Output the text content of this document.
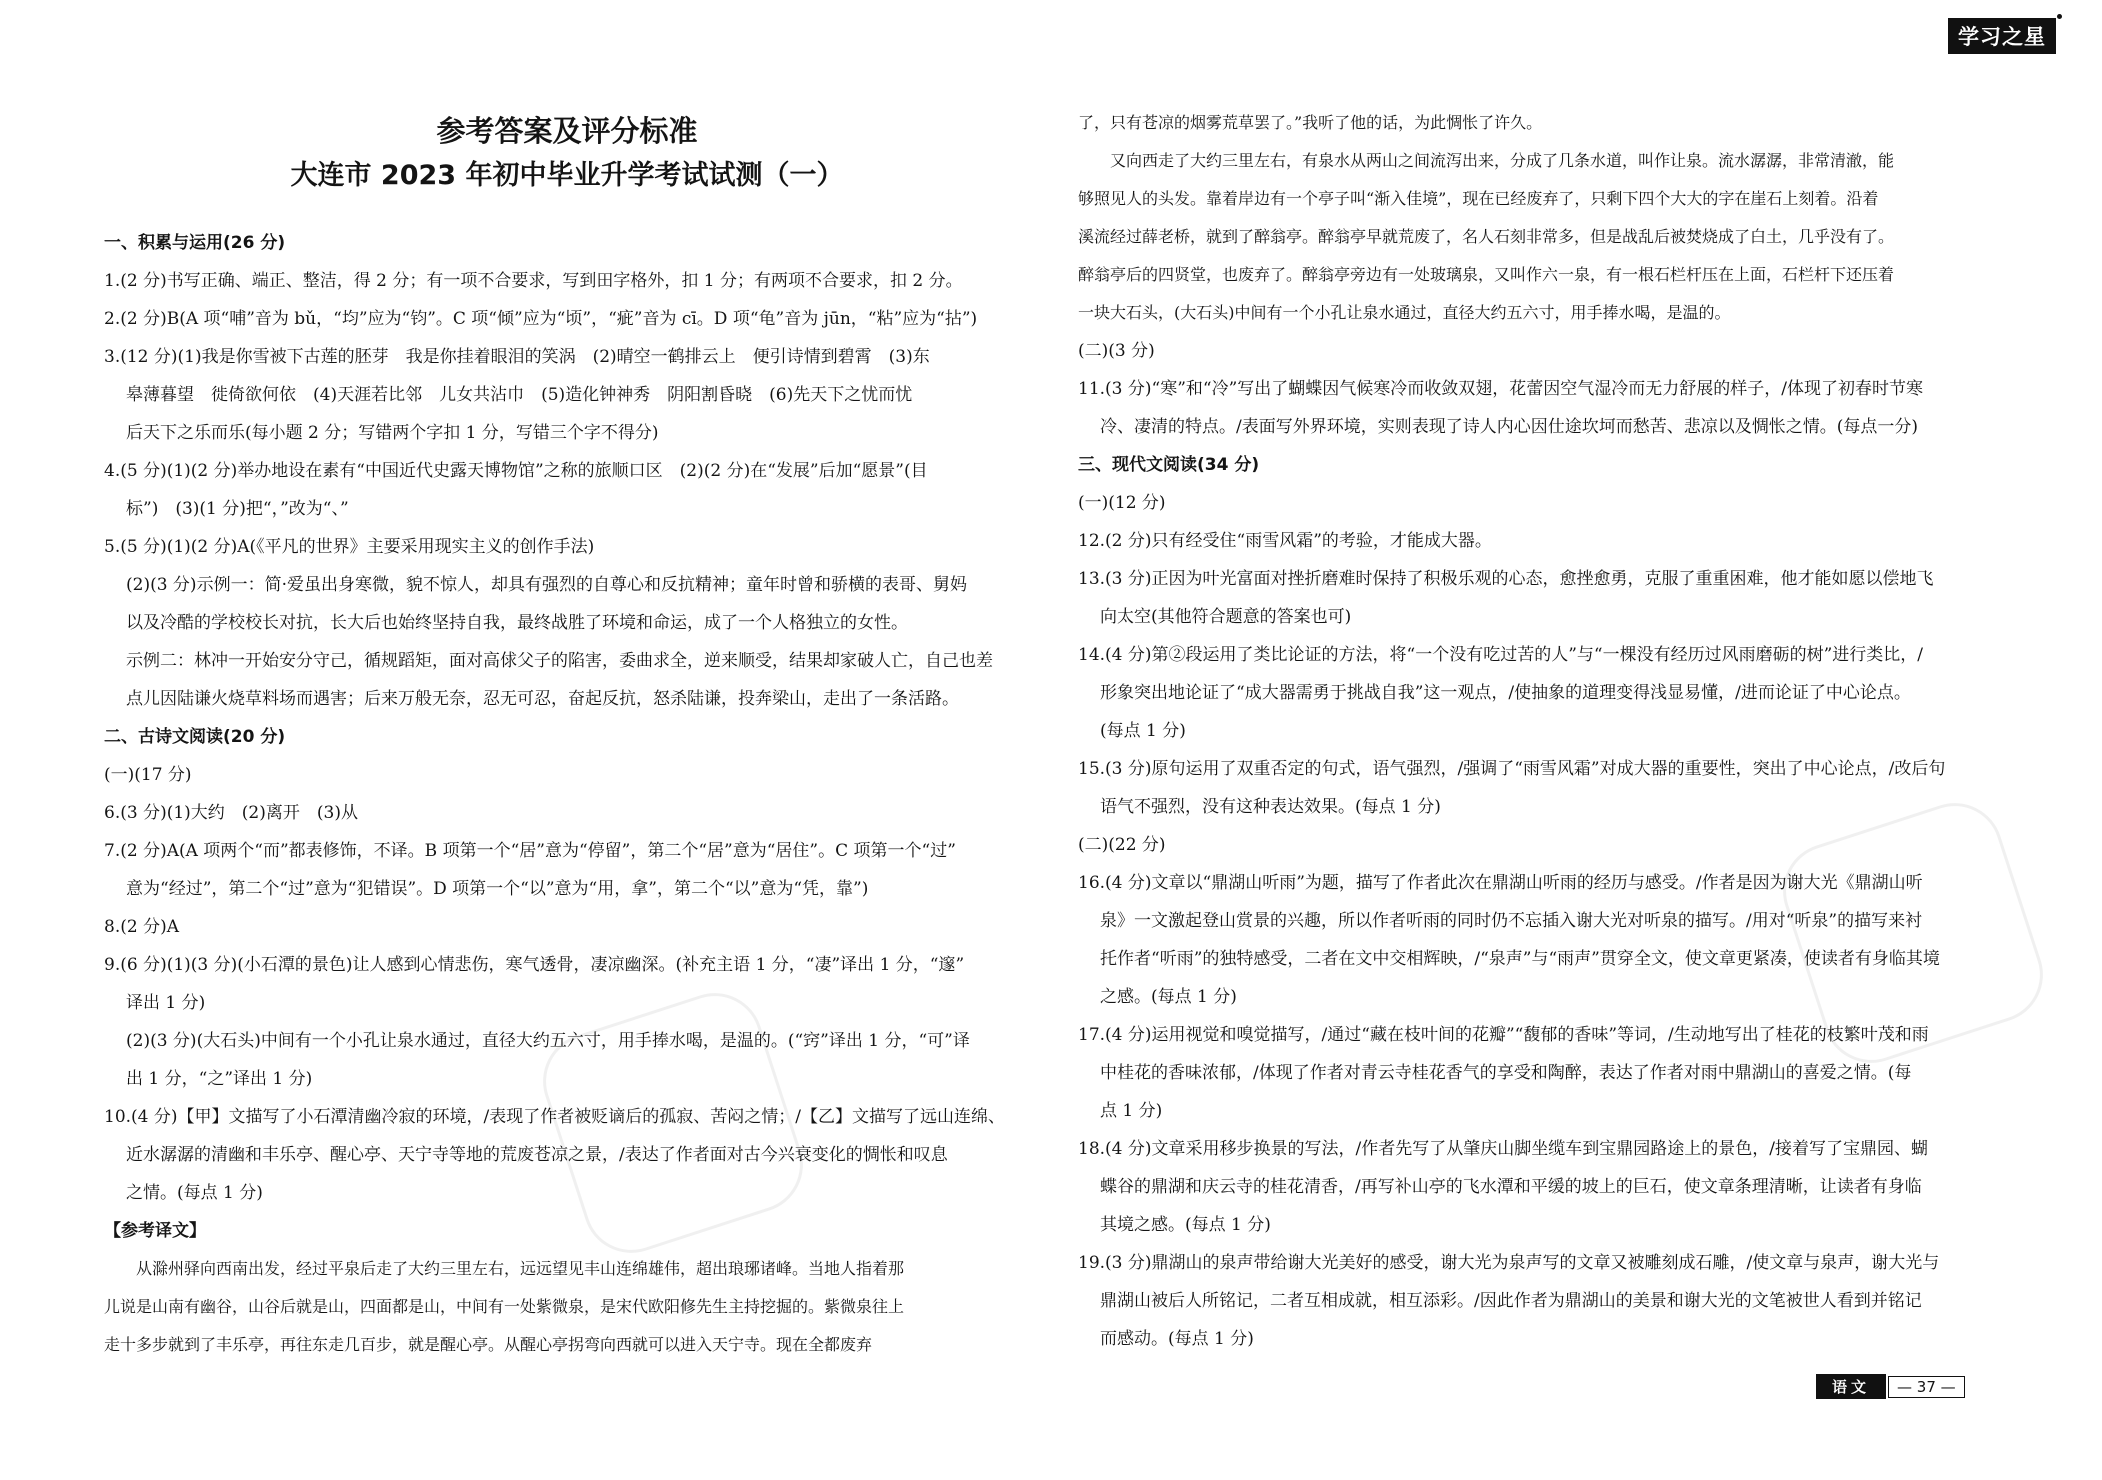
学习之星
参考答案及评分标准
大连市 2023 年初中毕业升学考试试测（一）
一、积累与运用(26 分)
1.(2 分)书写正确、端正、整洁，得 2 分；有一项不合要求，写到田字格外，扣 1 分；有两项不合要求，扣 2 分。
2.(2 分)B(A 项“哺”音为 bǔ，“均”应为“钧”。C 项“倾”应为“顷”，“疵”音为 cī。D 项“龟”音为 jūn，“粘”应为“拈”)
3.(12 分)(1)我是你雪被下古莲的胚芽　我是你挂着眼泪的笑涡　(2)晴空一鹤排云上　便引诗情到碧霄　(3)东
皋薄暮望　徙倚欲何依　(4)天涯若比邻　儿女共沾巾　(5)造化钟神秀　阴阳割昏晓　(6)先天下之忧而忧
后天下之乐而乐(每小题 2 分；写错两个字扣 1 分，写错三个字不得分)
4.(5 分)(1)(2 分)举办地设在素有“中国近代史露天博物馆”之称的旅顺口区　(2)(2 分)在“发展”后加“愿景”(目
标”)　(3)(1 分)把“，”改为“、”
5.(5 分)(1)(2 分)A(《平凡的世界》主要采用现实主义的创作手法)
(2)(3 分)示例一：简·爱虽出身寒微，貌不惊人，却具有强烈的自尊心和反抗精神；童年时曾和骄横的表哥、舅妈
以及冷酷的学校校长对抗，长大后也始终坚持自我，最终战胜了环境和命运，成了一个人格独立的女性。
示例二：林冲一开始安分守己，循规蹈矩，面对高俅父子的陷害，委曲求全，逆来顺受，结果却家破人亡，自己也差
点儿因陆谦火烧草料场而遇害；后来万般无奈，忍无可忍，奋起反抗，怒杀陆谦，投奔梁山，走出了一条活路。
二、古诗文阅读(20 分)
(一)(17 分)
6.(3 分)(1)大约　(2)离开　(3)从
7.(2 分)A(A 项两个“而”都表修饰，不译。B 项第一个“居”意为“停留”，第二个“居”意为“居住”。C 项第一个“过”
意为“经过”，第二个“过”意为“犯错误”。D 项第一个“以”意为“用，拿”，第二个“以”意为“凭，靠”)
8.(2 分)A
9.(6 分)(1)(3 分)(小石潭的景色)让人感到心情悲伤，寒气透骨，凄凉幽深。(补充主语 1 分，“凄”译出 1 分，“邃”
译出 1 分)
(2)(3 分)(大石头)中间有一个小孔让泉水通过，直径大约五六寸，用手捧水喝，是温的。(“窍”译出 1 分，“可”译
出 1 分，“之”译出 1 分)
10.(4 分)【甲】文描写了小石潭清幽冷寂的环境，/表现了作者被贬谪后的孤寂、苦闷之情；/【乙】文描写了远山连绵、
近水潺潺的清幽和丰乐亭、醒心亭、天宁寺等地的荒废苍凉之景，/表达了作者面对古今兴衰变化的惆怅和叹息
之情。(每点 1 分)
【参考译文】
从滁州驿向西南出发，经过平泉后走了大约三里左右，远远望见丰山连绵雄伟，超出琅琊诸峰。当地人指着那
儿说是山南有幽谷，山谷后就是山，四面都是山，中间有一处紫微泉，是宋代欧阳修先生主持挖掘的。紫微泉往上
走十多步就到了丰乐亭，再往东走几百步，就是醒心亭。从醒心亭拐弯向西就可以进入天宁寺。现在全都废弃
了，只有苍凉的烟雾荒草罢了。”我听了他的话，为此惆怅了许久。
又向西走了大约三里左右，有泉水从两山之间流泻出来，分成了几条水道，叫作让泉。流水潺潺，非常清澈，能
够照见人的头发。靠着岸边有一个亭子叫“渐入佳境”，现在已经废弃了，只剩下四个大大的字在崖石上刻着。沿着
溪流经过薛老桥，就到了醉翁亭。醉翁亭早就荒废了，名人石刻非常多，但是战乱后被焚烧成了白土，几乎没有了。
醉翁亭后的四贤堂，也废弃了。醉翁亭旁边有一处玻璃泉，又叫作六一泉，有一根石栏杆压在上面，石栏杆下还压着
一块大石头，(大石头)中间有一个小孔让泉水通过，直径大约五六寸，用手捧水喝，是温的。
(二)(3 分)
11.(3 分)“寒”和“冷”写出了蝴蝶因气候寒冷而收敛双翅，花蕾因空气湿冷而无力舒展的样子，/体现了初春时节寒
冷、凄清的特点。/表面写外界环境，实则表现了诗人内心因仕途坎坷而愁苦、悲凉以及惆怅之情。(每点一分)
三、现代文阅读(34 分)
(一)(12 分)
12.(2 分)只有经受住“雨雪风霜”的考验，才能成大器。
13.(3 分)正因为叶光富面对挫折磨难时保持了积极乐观的心态，愈挫愈勇，克服了重重困难，他才能如愿以偿地飞
向太空(其他符合题意的答案也可)
14.(4 分)第②段运用了类比论证的方法，将“一个没有吃过苦的人”与“一棵没有经历过风雨磨砺的树”进行类比，/
形象突出地论证了“成大器需勇于挑战自我”这一观点，/使抽象的道理变得浅显易懂，/进而论证了中心论点。
(每点 1 分)
15.(3 分)原句运用了双重否定的句式，语气强烈，/强调了“雨雪风霜”对成大器的重要性，突出了中心论点，/改后句
语气不强烈，没有这种表达效果。(每点 1 分)
(二)(22 分)
16.(4 分)文章以“鼎湖山听雨”为题，描写了作者此次在鼎湖山听雨的经历与感受。/作者是因为谢大光《鼎湖山听
泉》一文激起登山赏景的兴趣，所以作者听雨的同时仍不忘插入谢大光对听泉的描写。/用对“听泉”的描写来衬
托作者“听雨”的独特感受，二者在文中交相辉映，/“泉声”与“雨声”贯穿全文，使文章更紧凑，使读者有身临其境
之感。(每点 1 分)
17.(4 分)运用视觉和嗅觉描写，/通过“藏在枝叶间的花瓣”“馥郁的香味”等词，/生动地写出了桂花的枝繁叶茂和雨
中桂花的香味浓郁，/体现了作者对青云寺桂花香气的享受和陶醉，表达了作者对雨中鼎湖山的喜爱之情。(每
点 1 分)
18.(4 分)文章采用移步换景的写法，/作者先写了从肇庆山脚坐缆车到宝鼎园路途上的景色，/接着写了宝鼎园、蝴
蝶谷的鼎湖和庆云寺的桂花清香，/再写补山亭的飞水潭和平缓的坡上的巨石，使文章条理清晰，让读者有身临
其境之感。(每点 1 分)
19.(3 分)鼎湖山的泉声带给谢大光美好的感受，谢大光为泉声写的文章又被雕刻成石雕，/使文章与泉声，谢大光与
鼎湖山被后人所铭记，二者互相成就，相互添彩。/因此作者为鼎湖山的美景和谢大光的文笔被世人看到并铭记
而感动。(每点 1 分)
语文	— 37 —
